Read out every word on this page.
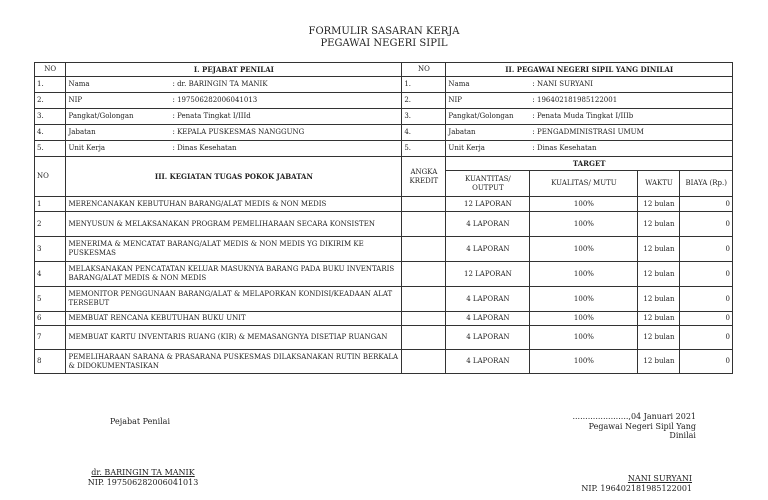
FORMULIR SASARAN KERJA
PEGAWAI NEGERI SIPIL
NO	I. PEJABAT PENILAI	NO	II. PEGAWAI NEGERI SIPIL YANG DINILAI			
1.	Nama : dr. BARINGIN TA MANIK	1.	Nama : NANI SURYANI			
2.	NIP : 197506282006041013	2.	NIP : 196402181985122001			
3.	Pangkat/Golongan : Penata Tingkat I/IIId	3.	Pangkat/Golongan : Penata Muda Tingkat I/IIIb			
4.	Jabatan : KEPALA PUSKESMAS NANGGUNG	4.	Jabatan : PENGADMINISTRASI UMUM			
5.	Unit Kerja : Dinas Kesehatan	5.	Unit Kerja : Dinas Kesehatan			
NO	III. KEGIATAN TUGAS POKOK JABATAN	ANGKA KREDIT	TARGET			
			KUANTITAS/ OUTPUT	KUALITAS/ MUTU	WAKTU	BIAYA (Rp.)
1	MERENCANAKAN KEBUTUHAN BARANG/ALAT MEDIS & NON MEDIS		12 LAPORAN	100%	12 bulan	0
2	MENYUSUN & MELAKSANAKAN PROGRAM PEMELIHARAAN SECARA KONSISTEN		4 LAPORAN	100%	12 bulan	0
3	MENERIMA & MENCATAT BARANG/ALAT MEDIS & NON MEDIS YG DIKIRIM KE PUSKESMAS		4 LAPORAN	100%	12 bulan	0
4	MELAKSANAKAN PENCATATAN KELUAR MASUKNYA BARANG PADA BUKU INVENTARIS BARANG/ALAT MEDIS & NON MEDIS		12 LAPORAN	100%	12 bulan	0
5	MEMONITOR PENGGUNAAN BARANG/ALAT & MELAPORKAN KONDISI/KEADAAN ALAT TERSEBUT		4 LAPORAN	100%	12 bulan	0
6	MEMBUAT RENCANA KEBUTUHAN BUKU UNIT		4 LAPORAN	100%	12 bulan	0
7	MEMBUAT KARTU INVENTARIS RUANG (KIR) & MEMASANGNYA DISETIAP RUANGAN		4 LAPORAN	100%	12 bulan	0
8	PEMELIHARAAN SARANA & PRASARANA PUSKESMAS DILAKSANAKAN RUTIN BERKALA & DIDOKUMENTASIKAN		4 LAPORAN	100%	12 bulan	0
Pejabat Penilai
......................,04 Januari 2021
Pegawai Negeri Sipil Yang Dinilai
dr. BARINGIN TA MANIK
NIP. 197506282006041013	NANI SURYANI
NIP. 196402181985122001
